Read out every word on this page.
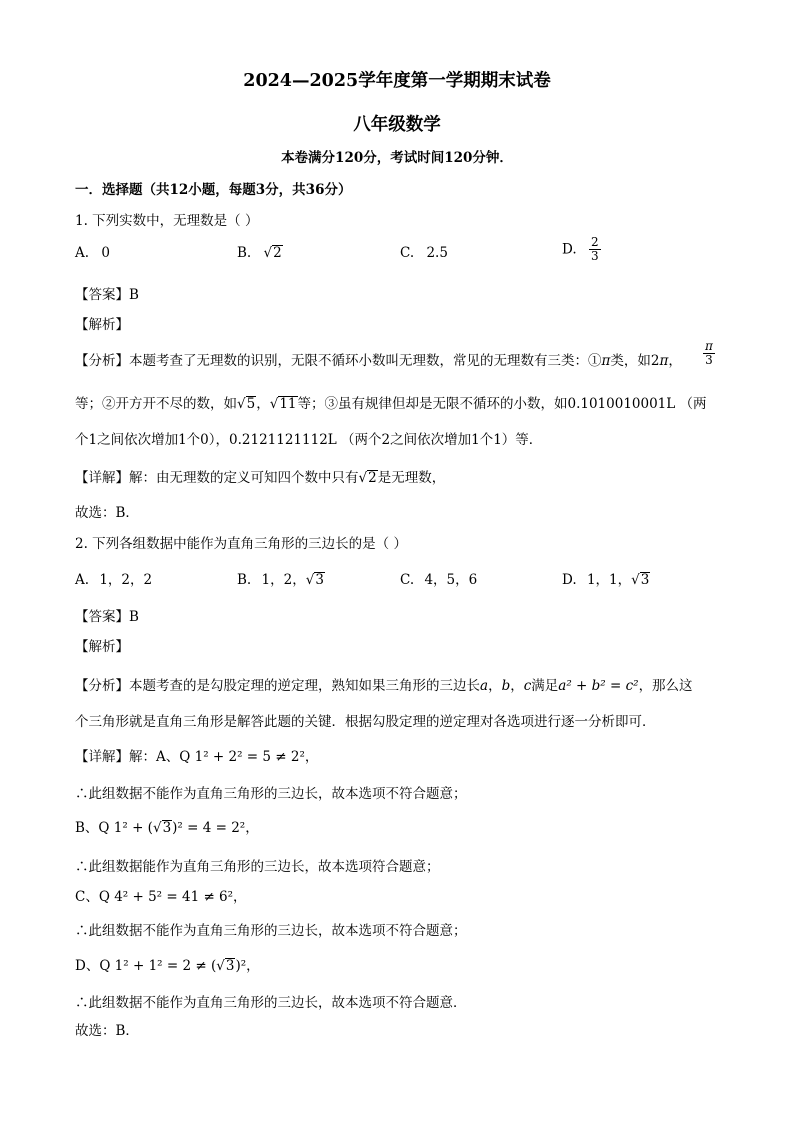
2024—2025学年度第一学期期末试卷
八年级数学
本卷满分120分，考试时间120分钟．
一．选择题（共12小题，每题3分，共36分）
1. 下列实数中，无理数是（ ）
A. 0	B. √2	C. 2.5	D. $\frac{2}{3}$
【答案】B
【解析】
【分析】本题考查了无理数的识别，无限不循环小数叫无理数，常见的无理数有三类：①π类，如2π， $\frac{\pi}{3}$
等；②开方开不尽的数，如√5，√11等；③虽有规律但却是无限不循环的小数，如0.1010010001L （两
个1之间依次增加1个0），0.2121121112L （两个2之间依次增加1个1）等．
【详解】解：由无理数的定义可知四个数中只有√2是无理数，
故选：B．
2. 下列各组数据中能作为直角三角形的三边长的是（ ）
A. 1，2，2	B. 1，2，√3	C. 4，5，6	D. 1，1，√3
【答案】B
【解析】
【分析】本题考查的是勾股定理的逆定理，熟知如果三角形的三边长a，b，c满足a² + b² = c²，那么这
个三角形就是直角三角形是解答此题的关键．根据勾股定理的逆定理对各选项进行逐一分析即可．
【详解】解：A、Q 1² + 2² = 5 ≠ 2²，
∴此组数据不能作为直角三角形的三边长，故本选项不符合题意；
B、Q 1² + (√3)² = 4 = 2²，
∴此组数据能作为直角三角形的三边长，故本选项符合题意；
C、Q 4² + 5² = 41 ≠ 6²，
∴此组数据不能作为直角三角形的三边长，故本选项不符合题意；
D、Q 1² + 1² = 2 ≠ (√3)²，
∴此组数据不能作为直角三角形的三边长，故本选项不符合题意．
故选：B．
